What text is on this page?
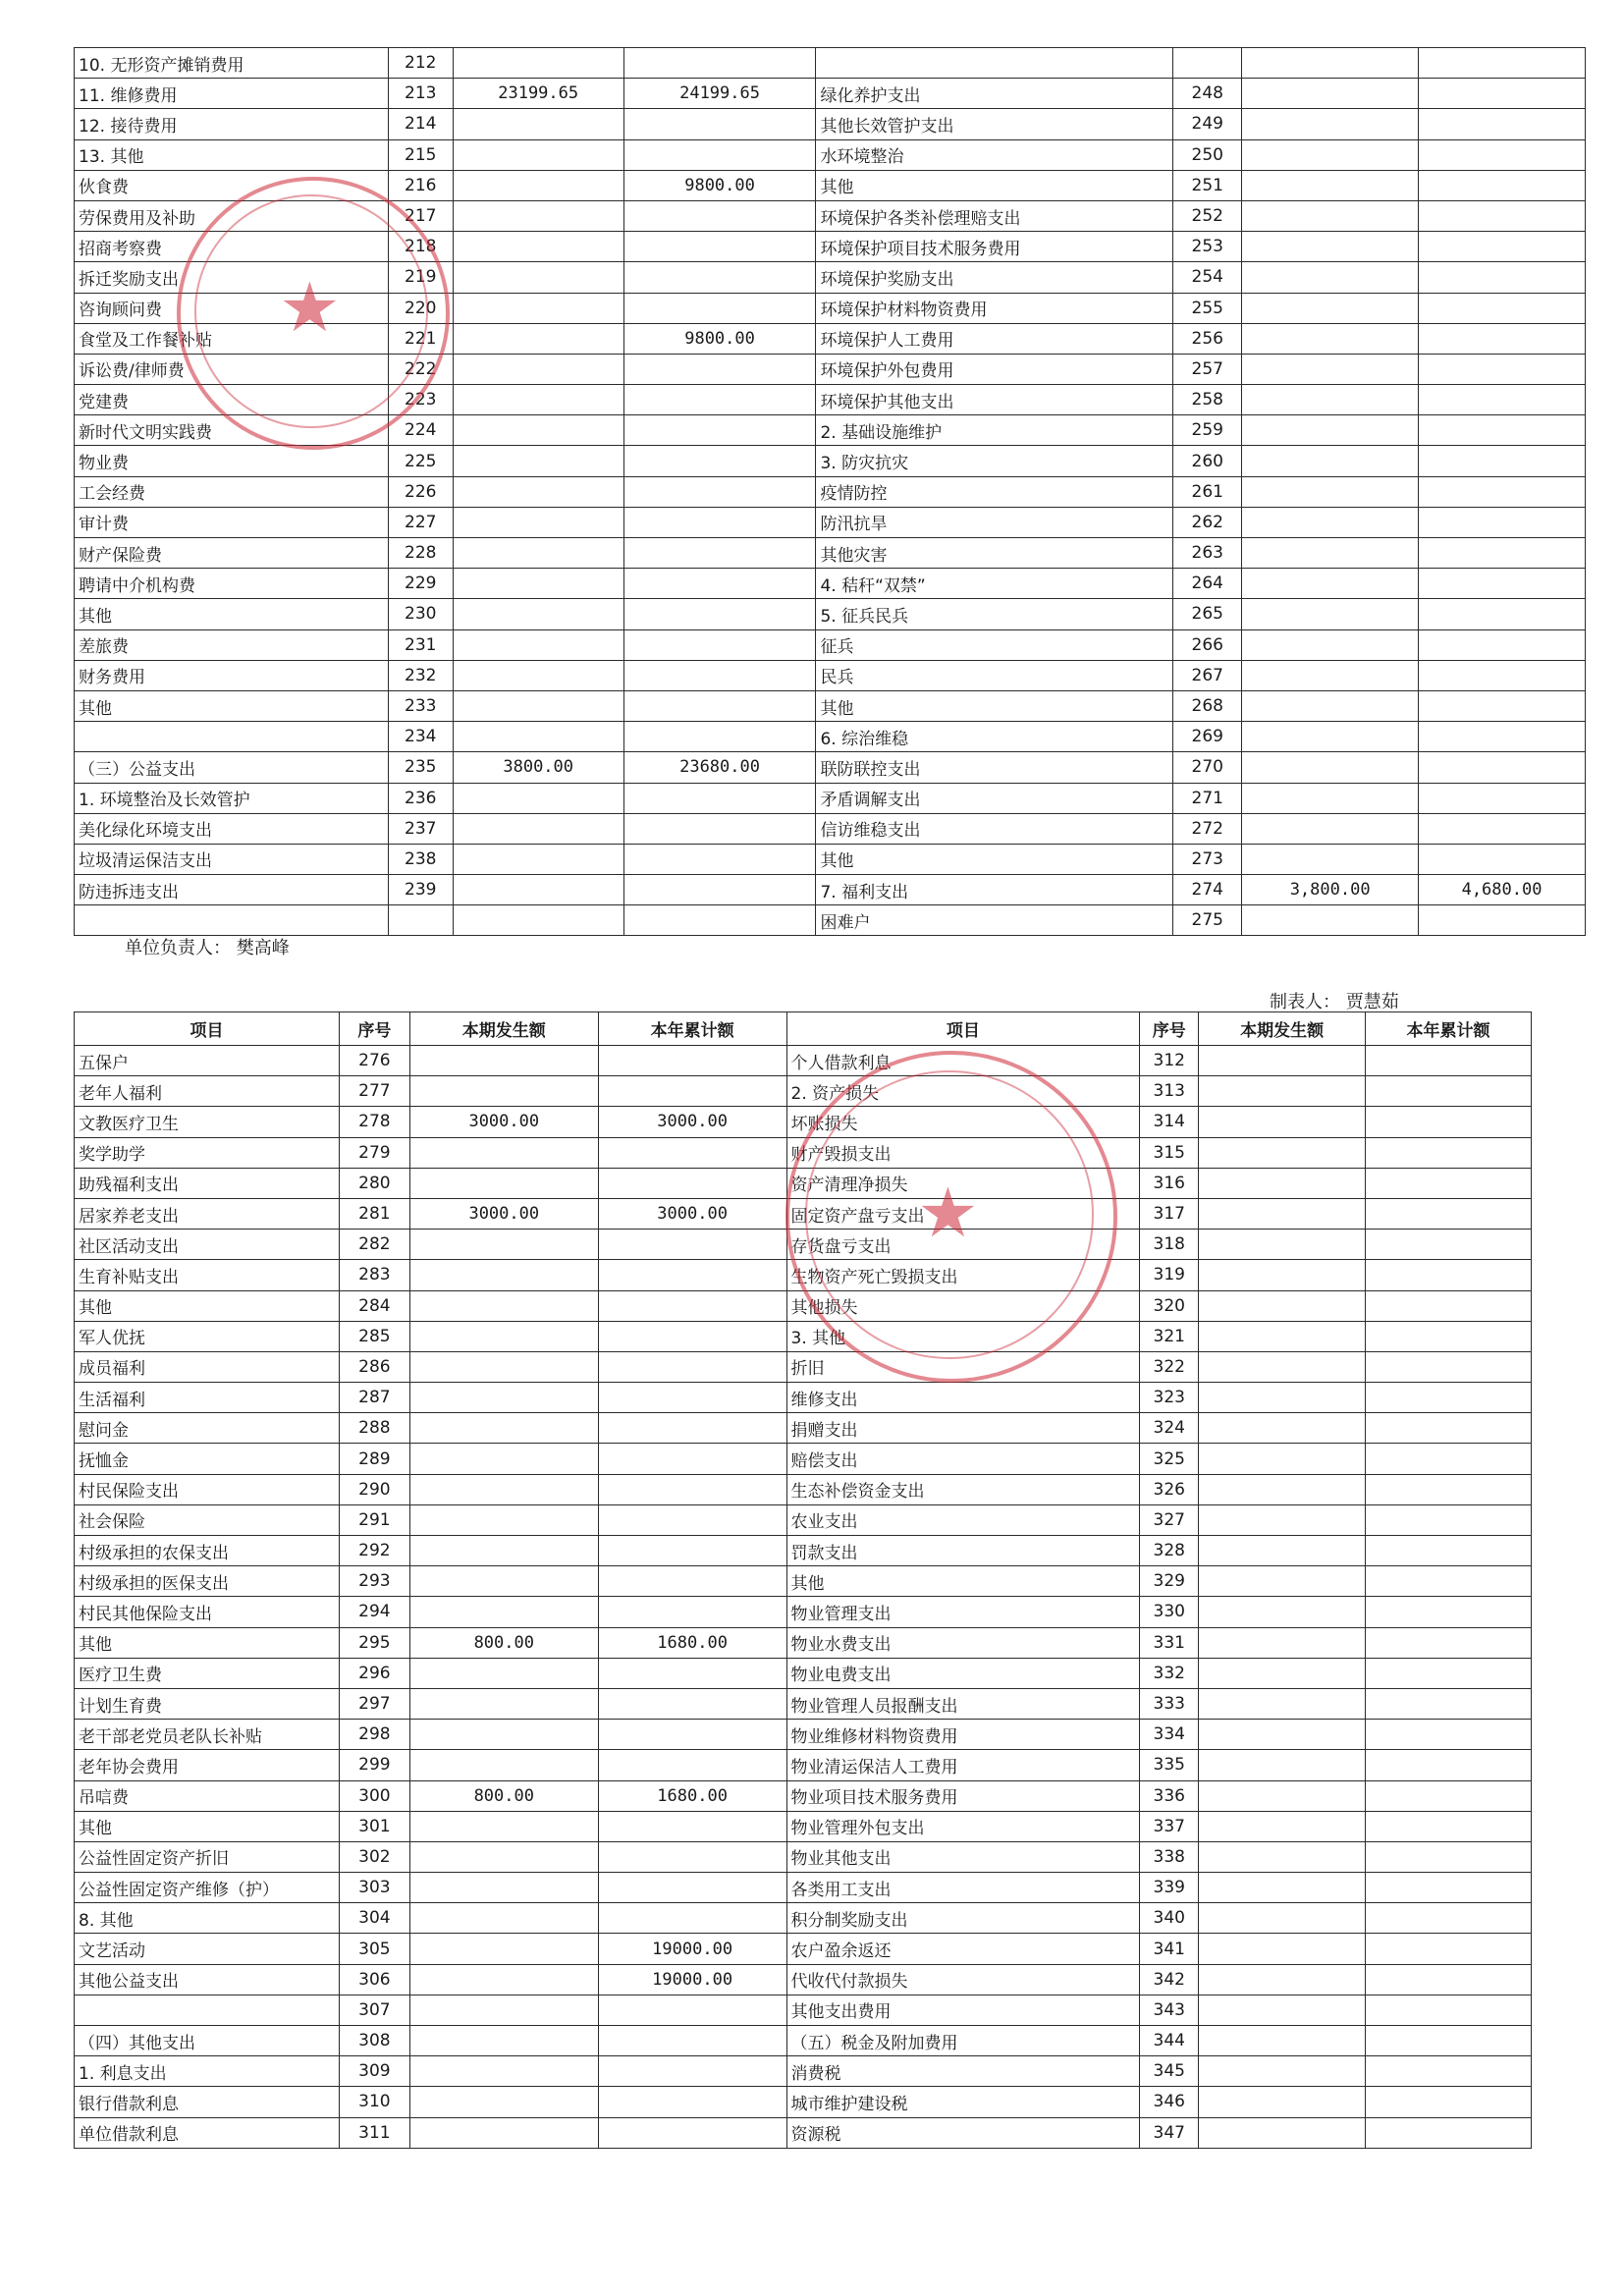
10. 无形资产摊销费用	212						
11. 维修费用	213	23199.65	24199.65	绿化养护支出	248		
12. 接待费用	214			其他长效管护支出	249		
13. 其他	215			水环境整治	250		
伙食费	216		9800.00	其他	251		
劳保费用及补助	217			环境保护各类补偿理赔支出	252		
招商考察费	218			环境保护项目技术服务费用	253		
拆迁奖励支出	219			环境保护奖励支出	254		
咨询顾问费	220			环境保护材料物资费用	255		
食堂及工作餐补贴	221		9800.00	环境保护人工费用	256		
诉讼费/律师费	222			环境保护外包费用	257		
党建费	223			环境保护其他支出	258		
新时代文明实践费	224			2. 基础设施维护	259		
物业费	225			3. 防灾抗灾	260		
工会经费	226			疫情防控	261		
审计费	227			防汛抗旱	262		
财产保险费	228			其他灾害	263		
聘请中介机构费	229			4. 秸秆“双禁”	264		
其他	230			5. 征兵民兵	265		
差旅费	231			征兵	266		
财务费用	232			民兵	267		
其他	233			其他	268		
	234			6. 综治维稳	269		
（三）公益支出	235	3800.00	23680.00	联防联控支出	270		
1. 环境整治及长效管护	236			矛盾调解支出	271		
美化绿化环境支出	237			信访维稳支出	272		
垃圾清运保洁支出	238			其他	273		
防违拆违支出	239			7. 福利支出	274	3,800.00	4,680.00
				困难户	275		
单位负责人： 樊高峰
制表人： 贾慧茹
项目	序号	本期发生额	本年累计额	项目	序号	本期发生额	本年累计额
五保户	276			个人借款利息	312		
老年人福利	277			2. 资产损失	313		
文教医疗卫生	278	3000.00	3000.00	坏账损失	314		
奖学助学	279			财产毁损支出	315		
助残福利支出	280			资产清理净损失	316		
居家养老支出	281	3000.00	3000.00	固定资产盘亏支出	317		
社区活动支出	282			存货盘亏支出	318		
生育补贴支出	283			生物资产死亡毁损支出	319		
其他	284			其他损失	320		
军人优抚	285			3. 其他	321		
成员福利	286			折旧	322		
生活福利	287			维修支出	323		
慰问金	288			捐赠支出	324		
抚恤金	289			赔偿支出	325		
村民保险支出	290			生态补偿资金支出	326		
社会保险	291			农业支出	327		
村级承担的农保支出	292			罚款支出	328		
村级承担的医保支出	293			其他	329		
村民其他保险支出	294			物业管理支出	330		
其他	295	800.00	1680.00	物业水费支出	331		
医疗卫生费	296			物业电费支出	332		
计划生育费	297			物业管理人员报酬支出	333		
老干部老党员老队长补贴	298			物业维修材料物资费用	334		
老年协会费用	299			物业清运保洁人工费用	335		
吊唁费	300	800.00	1680.00	物业项目技术服务费用	336		
其他	301			物业管理外包支出	337		
公益性固定资产折旧	302			物业其他支出	338		
公益性固定资产维修（护）	303			各类用工支出	339		
8. 其他	304			积分制奖励支出	340		
文艺活动	305		19000.00	农户盈余返还	341		
其他公益支出	306		19000.00	代收代付款损失	342		
	307			其他支出费用	343		
（四）其他支出	308			（五）税金及附加费用	344		
1. 利息支出	309			消费税	345		
银行借款利息	310			城市维护建设税	346		
单位借款利息	311			资源税	347		
★
★
